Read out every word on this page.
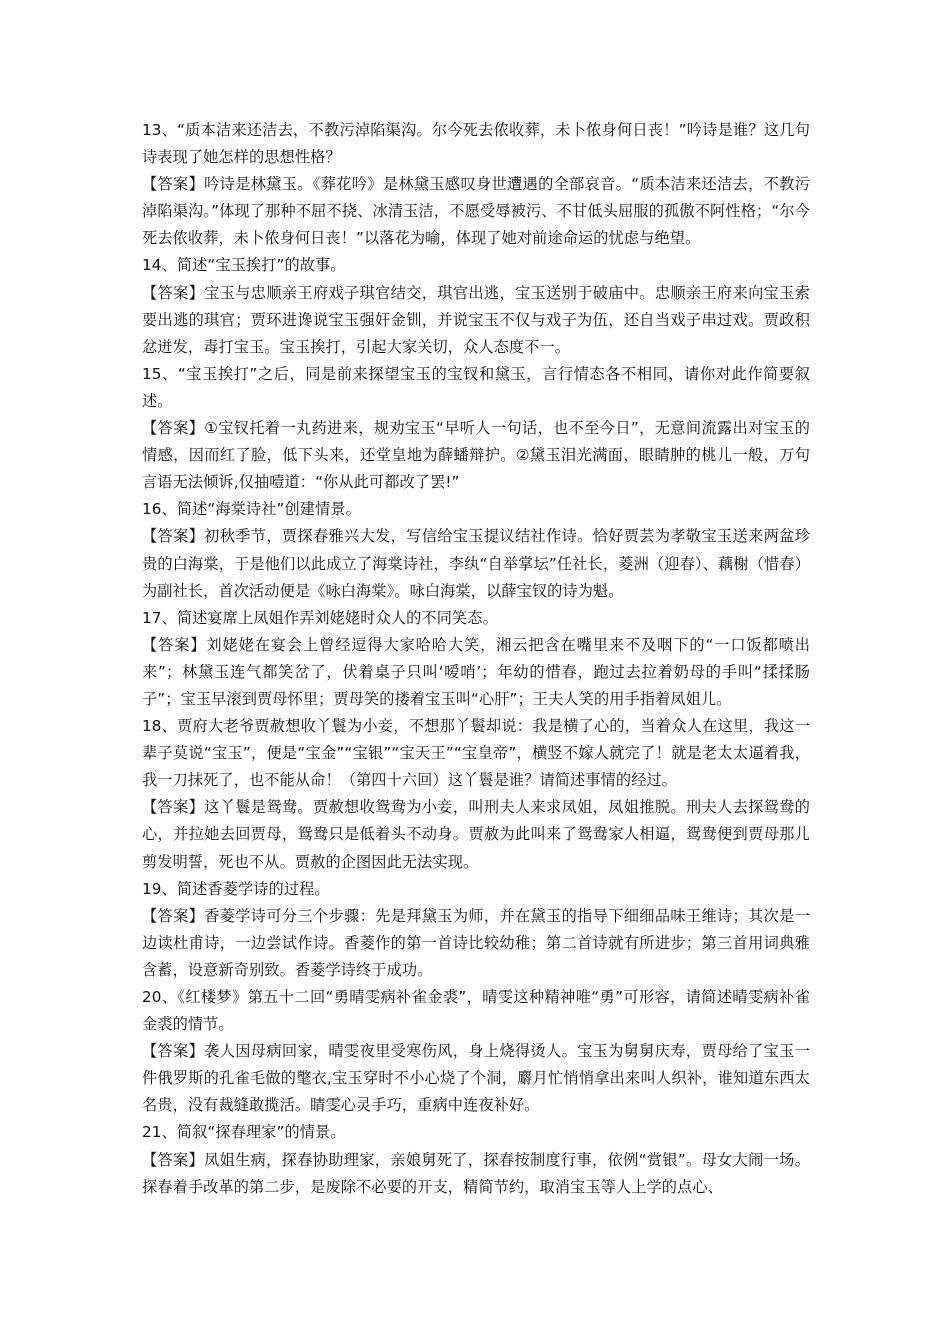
13、“质本洁来还洁去，不教污淖陷渠沟。尔今死去侬收葬，未卜侬身何日丧！”吟诗是谁？这几句诗表现了她怎样的思想性格？

【答案】吟诗是林黛玉。《葬花吟》是林黛玉感叹身世遭遇的全部哀音。“质本洁来还洁去，不教污淖陷渠沟。”体现了那种不屈不挠、冰清玉洁，不愿受辱被污、不甘低头屈服的孤傲不阿性格；“尔今死去侬收葬，未卜侬身何日丧！”以落花为喻，体现了她对前途命运的忧虑与绝望。

14、简述“宝玉挨打”的故事。

【答案】宝玉与忠顺亲王府戏子琪官结交，琪官出逃，宝玉送别于破庙中。忠顺亲王府来向宝玉索要出逃的琪官；贾环进谗说宝玉强奸金钏，并说宝玉不仅与戏子为伍，还自当戏子串过戏。贾政积忿迸发，毒打宝玉。宝玉挨打，引起大家关切，众人态度不一。

15、“宝玉挨打”之后，同是前来探望宝玉的宝钗和黛玉，言行情态各不相同，请你对此作简要叙述。

【答案】①宝钗托着一丸药进来，规劝宝玉“早听人一句话，也不至今日”，无意间流露出对宝玉的情感，因而红了脸，低下头来，还堂皇地为薛蟠辩护。②黛玉泪光满面，眼睛肿的桃儿一般，万句言语无法倾诉,仅抽噎道：“你从此可都改了罢!”

16、简述“海棠诗社”创建情景。

【答案】初秋季节，贾探春雅兴大发，写信给宝玉提议结社作诗。恰好贾芸为孝敬宝玉送来两盆珍贵的白海棠，于是他们以此成立了海棠诗社，李纨“自举掌坛”任社长，菱洲（迎春）、藕榭（惜春）为副社长，首次活动便是《咏白海棠》。咏白海棠，以薛宝钗的诗为魁。

17、简述宴席上凤姐作弄刘姥姥时众人的不同笑态。

【答案】刘姥姥在宴会上曾经逗得大家哈哈大笑，湘云把含在嘴里来不及咽下的“一口饭都喷出来”；林黛玉连气都笑岔了，伏着桌子只叫‘嗳哨’；年幼的惜春，跑过去拉着奶母的手叫“揉揉肠子”；宝玉早滚到贾母怀里；贾母笑的搂着宝玉叫“心肝”；王夫人笑的用手指着凤姐儿。

18、贾府大老爷贾赦想收丫鬟为小妾，不想那丫鬟却说：我是横了心的，当着众人在这里，我这一辈子莫说“宝玉”，便是“宝金”“宝银”“宝天王”“宝皇帝”，横竖不嫁人就完了！就是老太太逼着我，我一刀抹死了，也不能从命！（第四十六回）这丫鬟是谁？请简述事情的经过。

【答案】这丫鬟是鸳鸯。贾赦想收鸳鸯为小妾，叫刑夫人来求凤姐，凤姐推脱。刑夫人去探鸳鸯的心，并拉她去回贾母，鸳鸯只是低着头不动身。贾赦为此叫来了鸳鸯家人相逼，鸳鸯便到贾母那儿剪发明誓，死也不从。贾赦的企图因此无法实现。

19、简述香菱学诗的过程。

【答案】香菱学诗可分三个步骤：先是拜黛玉为师，并在黛玉的指导下细细品味王维诗；其次是一边读杜甫诗，一边尝试作诗。香菱作的第一首诗比较幼稚；第二首诗就有所进步；第三首用词典雅含蓄，设意新奇别致。香菱学诗终于成功。

20、《红楼梦》第五十二回“勇晴雯病补雀金裘”，晴雯这种精神唯“勇”可形容，请简述晴雯病补雀金裘的情节。

【答案】袭人因母病回家，晴雯夜里受寒伤风，身上烧得烫人。宝玉为舅舅庆寿，贾母给了宝玉一件俄罗斯的孔雀毛做的氅衣,宝玉穿时不小心烧了个洞，麝月忙悄悄拿出来叫人织补，谁知道东西太名贵，没有裁缝敢揽活。睛雯心灵手巧，重病中连夜补好。

21、简叙“探春理家”的情景。

【答案】凤姐生病，探春协助理家，亲娘舅死了，探春按制度行事，依例“赏银”。母女大闹一场。探春着手改革的第二步，是废除不必要的开支，精简节约，取消宝玉等人上学的点心、
